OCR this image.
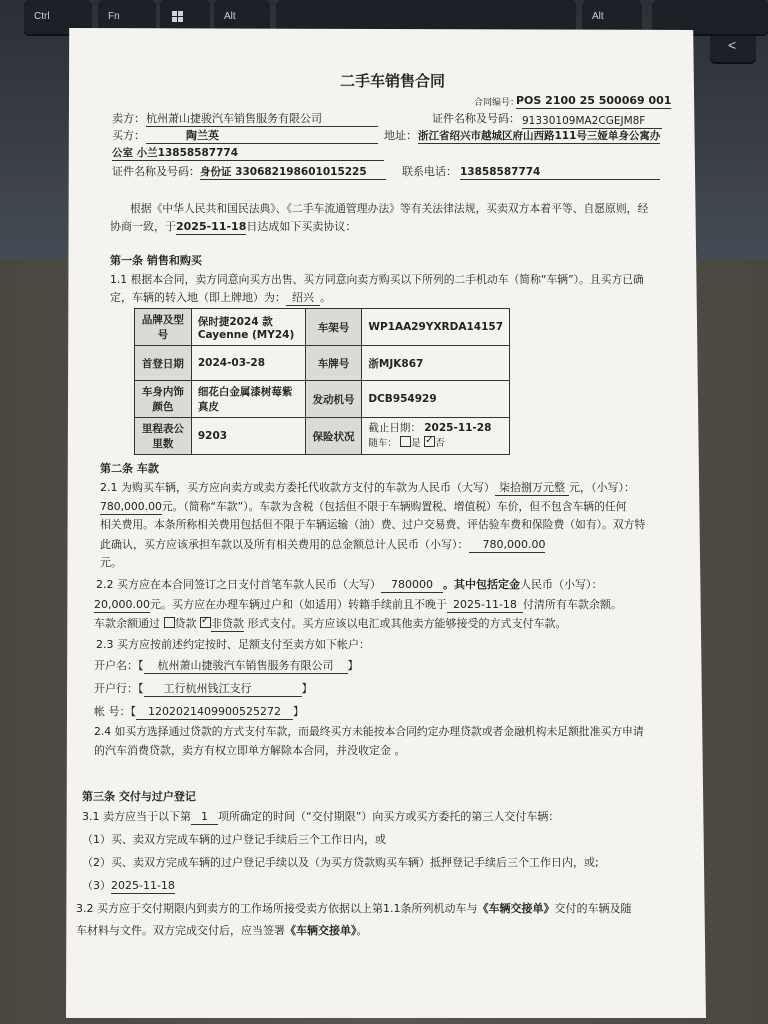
Ctrl	Fn	Alt	Alt
<
二手车销售合同
合同编号：
POS 2100 25 500069 001
卖方： 杭州萧山捷骏汽车销售服务有限公司	证件名称及号码： 91330109MA2CGEJM8F
买方：	陶兰英	地址： 浙江省绍兴市越城区府山西路111号三娅单身公寓办
公室 小兰13858587774
证件名称及号码： 身份证 330682198601015225	联系电话： 13858587774
根据《中华人民共和国民法典》、《二手车流通管理办法》等有关法律法规，买卖双方本着平等、自愿原则，经
协商一致，于2025-11-18日达成如下买卖协议：
第一条 销售和购买
1.1 根据本合同，卖方同意向买方出售、买方同意向卖方购买以下所列的二手机动车（简称“车辆”）。且买方已确
定，车辆的转入地（即上牌地）为： 绍兴 。
品牌及型号	保时捷2024 款Cayenne (MY24)	车架号	WP1AA29YXRDA14157
首登日期	2024-03-28	车牌号	浙MJK867
车身内饰颜色	细花白金属漆树莓紫真皮	发动机号	DCB954929
里程表公里数	9203	保险状况	截止日期： 2025-11-28
随车： 是 ✓ 否
第二条 车款
2.1 为购买车辆，买方应向卖方或卖方委托代收款方支付的车款为人民币（大写） 柒拾捌万元整 元，（小写）：
780,000.00元。（简称“车款”）。车款为含税（包括但不限于车辆购置税、增值税）车价，但不包含车辆的任何
相关费用。本条所称相关费用包括但不限于车辆运输（油）费、过户交易费、评估验车费和保险费（如有）。双方特
此确认，买方应该承担车款以及所有相关费用的总金额总计人民币（小写）： 780,000.00
元。
2.2 买方应在本合同签订之日支付首笔车款人民币（大写） 780000 。其中包括定金人民币（小写）：
20,000.00元。买方应在办理车辆过户和（如适用）转籍手续前且不晚于 2025-11-18 付清所有车款余额。
车款余额通过 贷款 ✓ 非贷款 形式支付。买方应该以电汇或其他卖方能够接受的方式支付车款。
2.3 买方应按前述约定按时、足额支付至卖方如下帐户：
开户名：【 杭州萧山捷骏汽车销售服务有限公司 】
开户行：【 工行杭州钱江支行	】
帐 号：【 1202021409900525272 】
2.4 如买方选择通过贷款的方式支付车款，而最终买方未能按本合同约定办理贷款或者金融机构未足额批准买方申请
的汽车消费贷款，卖方有权立即单方解除本合同，并没收定金 。
第三条 交付与过户登记
3.1 卖方应当于以下第 1 项所确定的时间（“交付期限”）向买方或买方委托的第三人交付车辆：
（1）买、卖双方完成车辆的过户登记手续后三个工作日内，或
（2）买、卖双方完成车辆的过户登记手续以及（为买方贷款购买车辆）抵押登记手续后三个工作日内，或;
（3）2025-11-18
3.2 买方应于交付期限内到卖方的工作场所接受卖方依据以上第1.1条所列机动车与《车辆交接单》交付的车辆及随
车材料与文件。双方完成交付后，应当签署《车辆交接单》。
